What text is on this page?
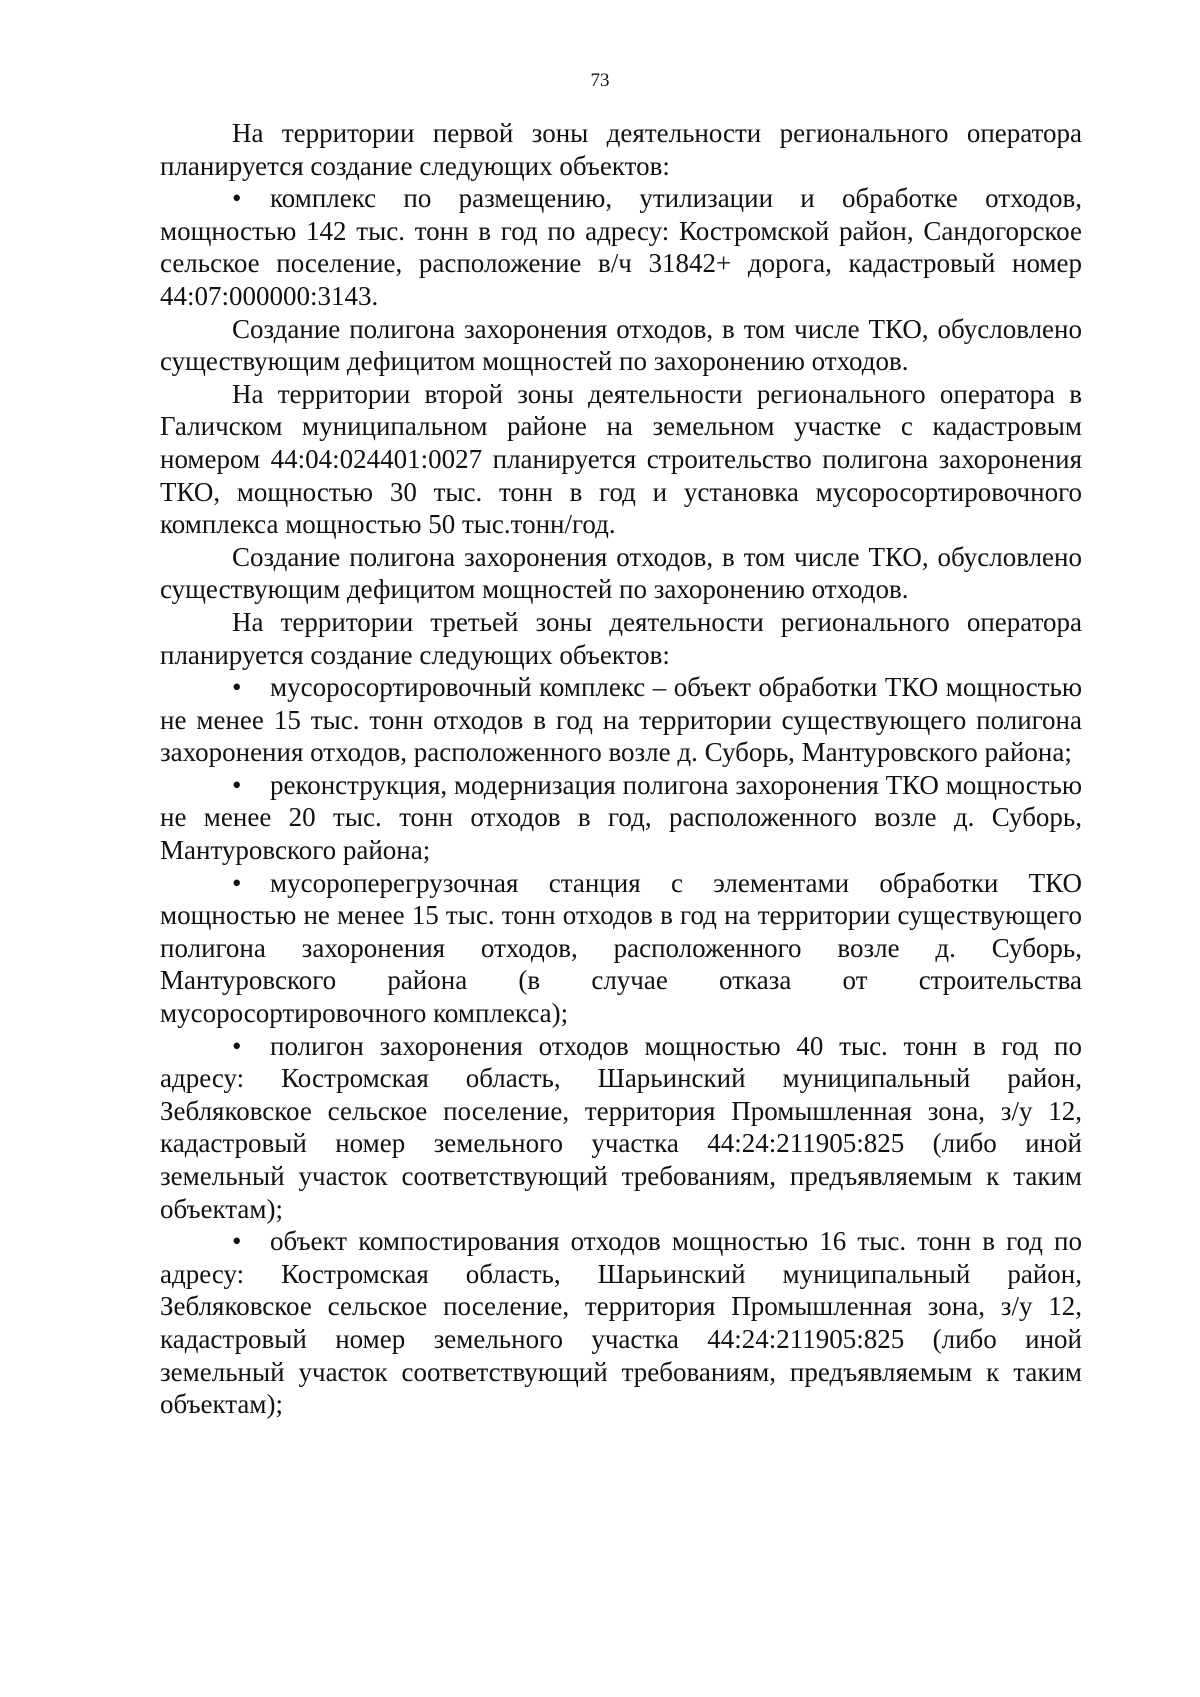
73

На территории первой зоны деятельности регионального оператора планируется создание следующих объектов:

• комплекс по размещению, утилизации и обработке отходов, мощностью 142 тыс. тонн в год по адресу: Костромской район, Сандогорское сельское поселение, расположение в/ч 31842+ дорога, кадастровый номер 44:07:000000:3143.

Создание полигона захоронения отходов, в том числе ТКО, обусловлено существующим дефицитом мощностей по захоронению отходов.

На территории второй зоны деятельности регионального оператора в Галичском муниципальном районе на земельном участке с кадастровым номером 44:04:024401:0027 планируется строительство полигона захоронения ТКО, мощностью 30 тыс. тонн в год и установка мусоросортировочного комплекса мощностью 50 тыс.тонн/год.

Создание полигона захоронения отходов, в том числе ТКО, обусловлено существующим дефицитом мощностей по захоронению отходов.

На территории третьей зоны деятельности регионального оператора планируется создание следующих объектов:

• мусоросортировочный комплекс – объект обработки ТКО мощностью не менее 15 тыс. тонн отходов в год на территории существующего полигона захоронения отходов, расположенного возле д. Суборь, Мантуровского района;

• реконструкция, модернизация полигона захоронения ТКО мощностью не менее 20 тыс. тонн отходов в год, расположенного возле д. Суборь, Мантуровского района;

• мусороперегрузочная станция с элементами обработки ТКО мощностью не менее 15 тыс. тонн отходов в год на территории существующего полигона захоронения отходов, расположенного возле д. Суборь, Мантуровского района (в случае отказа от строительства мусоросортировочного комплекса);

• полигон захоронения отходов мощностью 40 тыс. тонн в год по адресу: Костромская область, Шарьинский муниципальный район, Зебляковское сельское поселение, территория Промышленная зона, з/у 12, кадастровый номер земельного участка 44:24:211905:825 (либо иной земельный участок соответствующий требованиям, предъявляемым к таким объектам);

• объект компостирования отходов мощностью 16 тыс. тонн в год по адресу: Костромская область, Шарьинский муниципальный район, Зебляковское сельское поселение, территория Промышленная зона, з/у 12, кадастровый номер земельного участка 44:24:211905:825 (либо иной земельный участок соответствующий требованиям, предъявляемым к таким объектам);
